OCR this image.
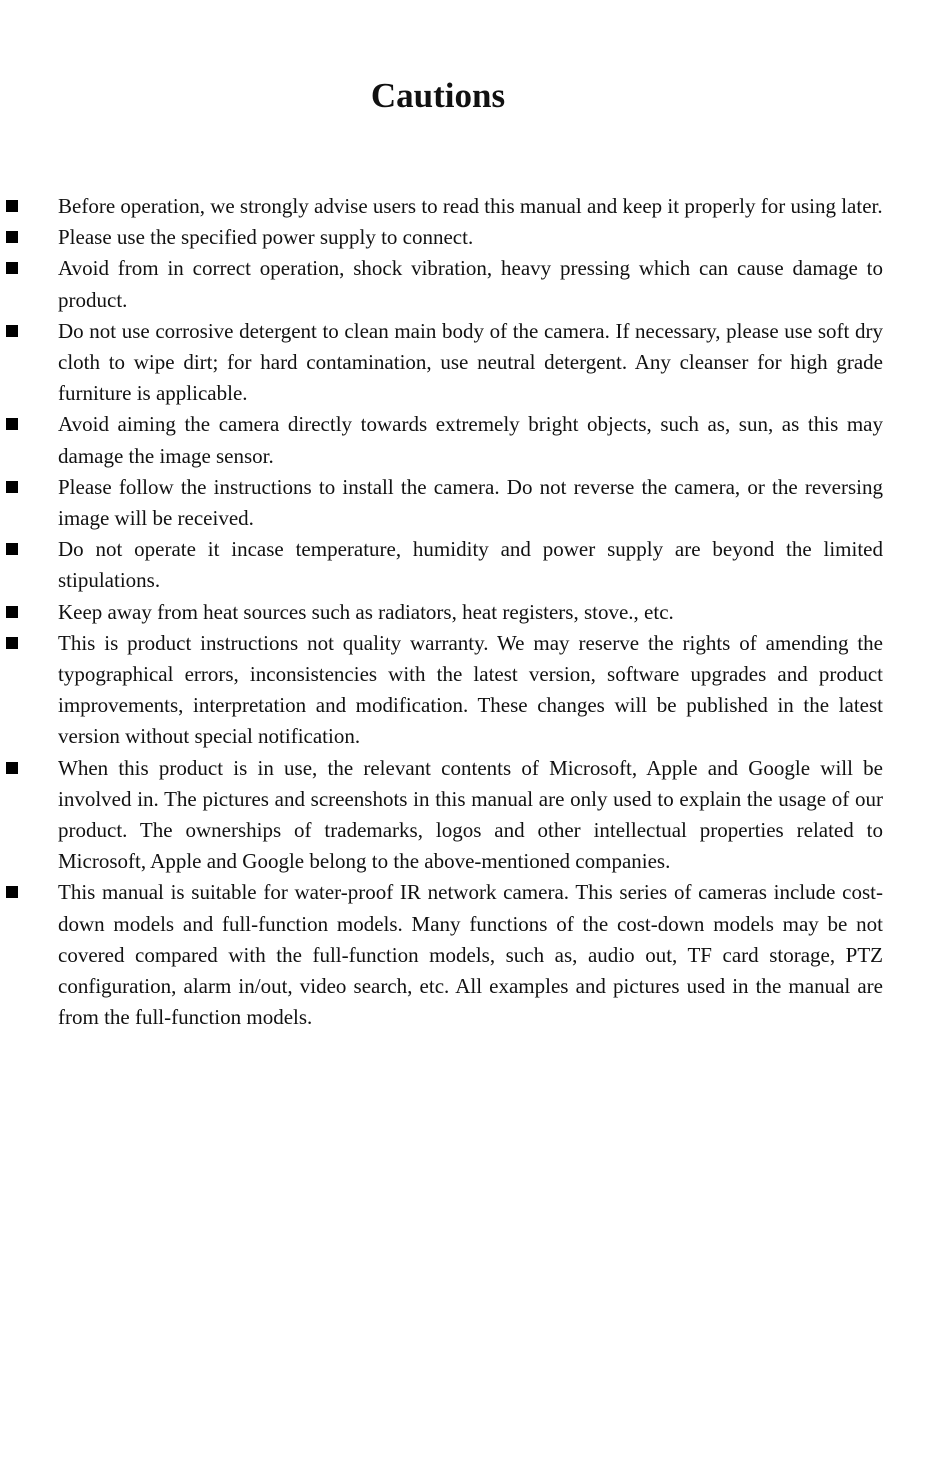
Cautions
Before operation, we strongly advise users to read this manual and keep it properly for using later.
Please use the specified power supply to connect.
Avoid from in correct operation, shock vibration, heavy pressing which can cause damage to product.
Do not use corrosive detergent to clean main body of the camera. If necessary, please use soft dry cloth to wipe dirt; for hard contamination, use neutral detergent. Any cleanser for high grade furniture is applicable.
Avoid aiming the camera directly towards extremely bright objects, such as, sun, as this may damage the image sensor.
Please follow the instructions to install the camera. Do not reverse the camera, or the reversing image will be received.
Do not operate it incase temperature, humidity and power supply are beyond the limited stipulations.
Keep away from heat sources such as radiators, heat registers, stove., etc.
This is product instructions not quality warranty. We may reserve the rights of amending the typographical errors, inconsistencies with the latest version, software upgrades and product improvements, interpretation and modification. These changes will be published in the latest version without special notification.
When this product is in use, the relevant contents of Microsoft, Apple and Google will be involved in. The pictures and screenshots in this manual are only used to explain the usage of our product. The ownerships of trademarks, logos and other intellectual properties related to Microsoft, Apple and Google belong to the above-mentioned companies.
This manual is suitable for water-proof IR network camera. This series of cameras include cost-down models and full-function models. Many functions of the cost-down models may be not covered compared with the full-function models, such as, audio out, TF card storage, PTZ configuration, alarm in/out, video search, etc. All examples and pictures used in the manual are from the full-function models.
